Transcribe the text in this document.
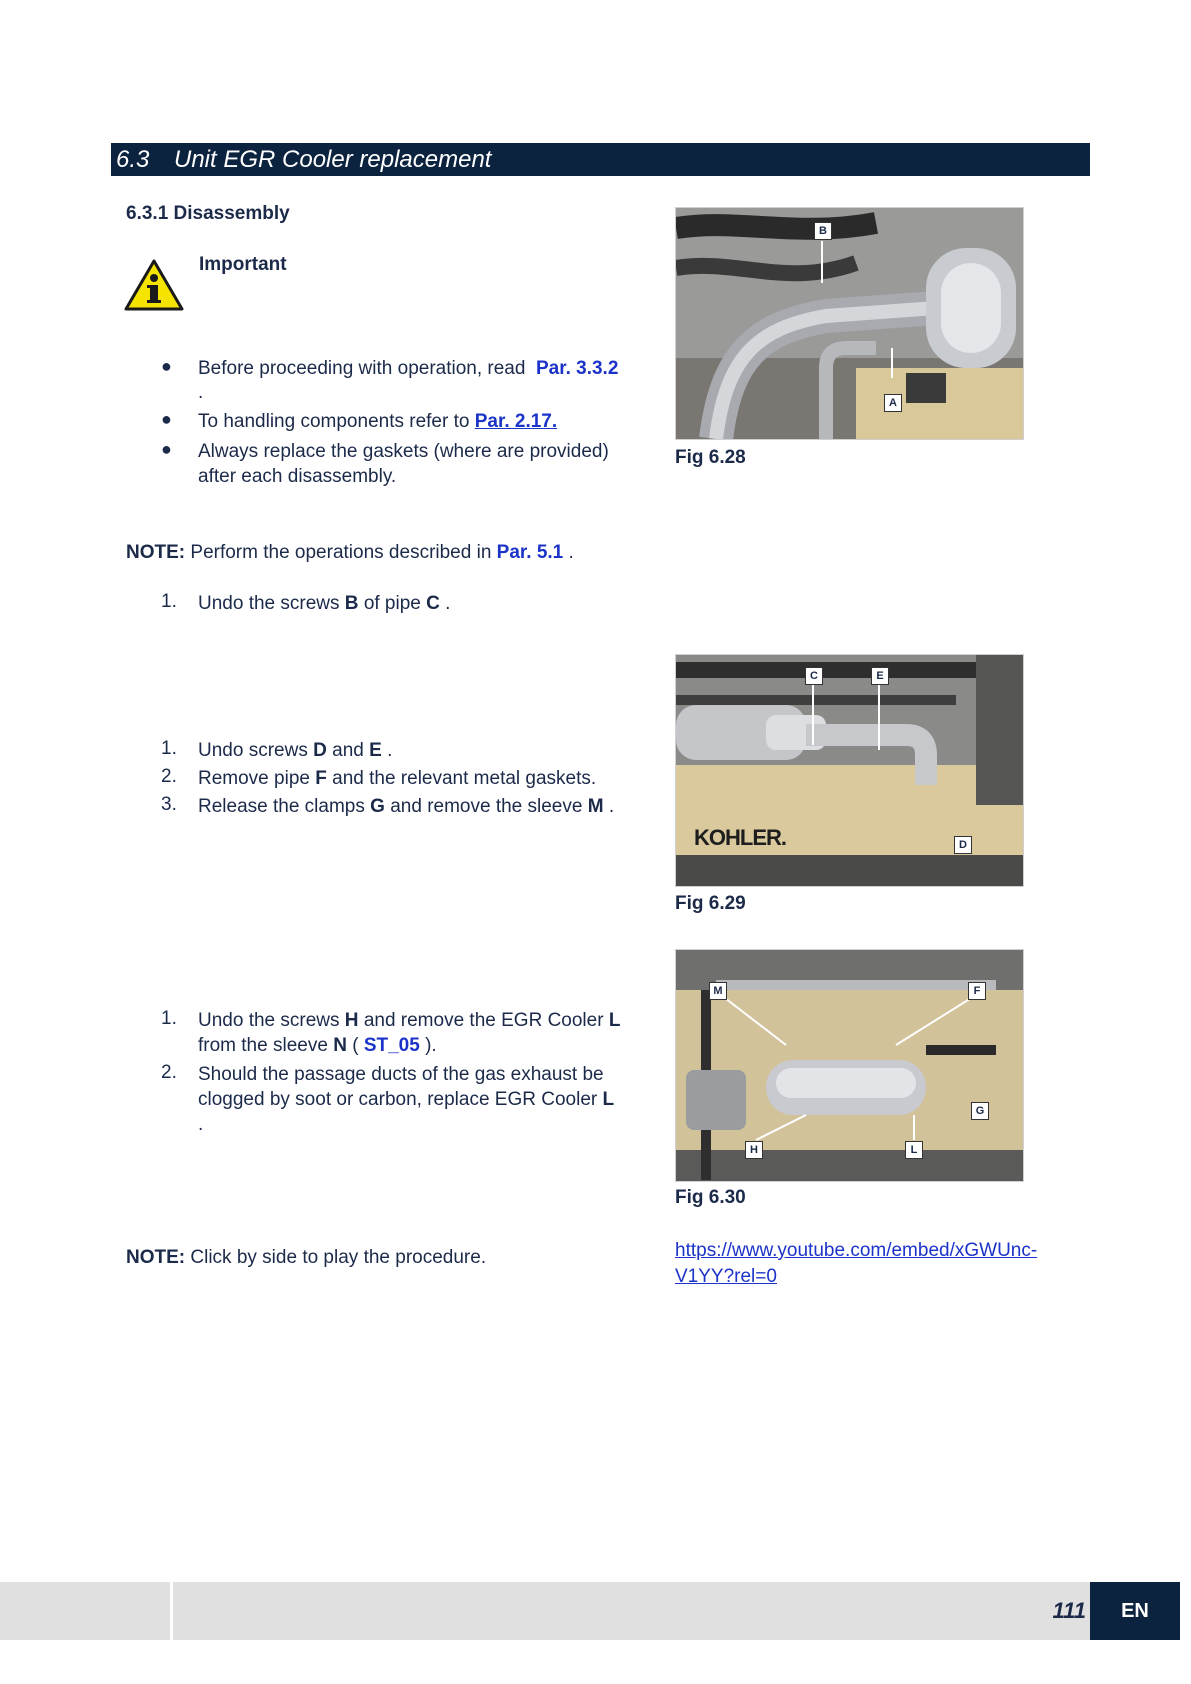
6.3 Unit EGR Cooler replacement
6.3.1 Disassembly
Important
● Before proceeding with operation, read Par. 3.3.2
.
● To handling components refer to Par. 2.17.
● Always replace the gaskets (where are provided)
after each disassembly.
NOTE: Perform the operations described in Par. 5.1 .
1.	Undo the screws B of pipe C .
1.	Undo screws D and E .
2.	Remove pipe F and the relevant metal gaskets.
3.	Release the clamps G and remove the sleeve M .
1.	Undo the screws H and remove the EGR Cooler L
from the sleeve N ( ST_05 ).
2.	Should the passage ducts of the gas exhaust be
clogged by soot or carbon, replace EGR Cooler L
.
NOTE: Click by side to play the procedure.
B
A
Fig 6.28
KOHLER.
C	E
D
Fig 6.29
M	F
G
H	L
Fig 6.30
https://www.youtube.com/embed/xGWUnc-
V1YY?rel=0
111	EN
